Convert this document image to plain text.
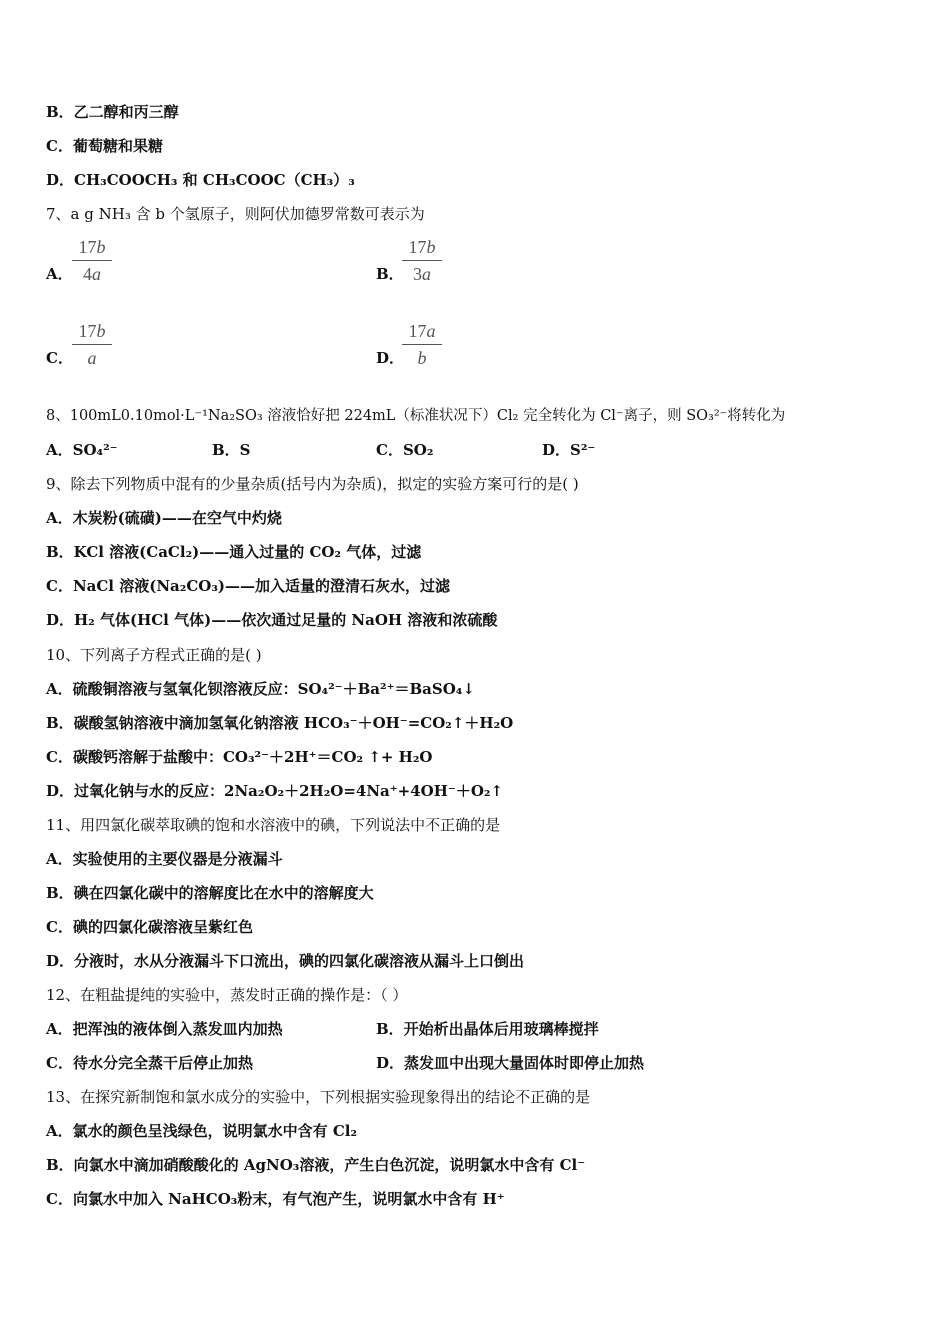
B．乙二醇和丙三醇
C．葡萄糖和果糖
D．CH₃COOCH₃ 和 CH₃COOC（CH₃）₃
7、a g NH₃ 含 b 个氢原子，则阿伏加德罗常数可表示为
A． $\frac{17b}{4a}$	B．
$\frac{17b}{3a}$
C． $\frac{17b}{a}$	D．
$\frac{17a}{b}$
8、100mL0.10mol·L⁻¹Na₂SO₃ 溶液恰好把 224mL（标准状况下）Cl₂ 完全转化为 Cl⁻离子，则 SO₃²⁻将转化为
A．SO₄²⁻	B．S	C．SO₂	D．S²⁻
9、除去下列物质中混有的少量杂质(括号内为杂质)，拟定的实验方案可行的是( )
A．木炭粉(硫磺)——在空气中灼烧
B．KCl 溶液(CaCl₂)——通入过量的 CO₂ 气体，过滤
C．NaCl 溶液(Na₂CO₃)——加入适量的澄清石灰水，过滤
D．H₂ 气体(HCl 气体)——依次通过足量的 NaOH 溶液和浓硫酸
10、下列离子方程式正确的是( )
A．硫酸铜溶液与氢氧化钡溶液反应：SO₄²⁻＋Ba²⁺＝BaSO₄↓
B．碳酸氢钠溶液中滴加氢氧化钠溶液 HCO₃⁻＋OH⁻=CO₂↑＋H₂O
C．碳酸钙溶解于盐酸中：CO₃²⁻＋2H⁺＝CO₂ ↑+ H₂O
D．过氧化钠与水的反应：2Na₂O₂＋2H₂O=4Na⁺+4OH⁻＋O₂↑
11、用四氯化碳萃取碘的饱和水溶液中的碘，下列说法中不正确的是
A．实验使用的主要仪器是分液漏斗
B．碘在四氯化碳中的溶解度比在水中的溶解度大
C．碘的四氯化碳溶液呈紫红色
D．分液时，水从分液漏斗下口流出，碘的四氯化碳溶液从漏斗上口倒出
12、在粗盐提纯的实验中，蒸发时正确的操作是：（ ）
A．把浑浊的液体倒入蒸发皿内加热	B．开始析出晶体后用玻璃棒搅拌
C．待水分完全蒸干后停止加热	D．蒸发皿中出现大量固体时即停止加热
13、在探究新制饱和氯水成分的实验中，下列根据实验现象得出的结论不正确的是
A．氯水的颜色呈浅绿色，说明氯水中含有 Cl₂
B．向氯水中滴加硝酸酸化的 AgNO₃溶液，产生白色沉淀，说明氯水中含有 Cl⁻
C．向氯水中加入 NaHCO₃粉末，有气泡产生，说明氯水中含有 H⁺
